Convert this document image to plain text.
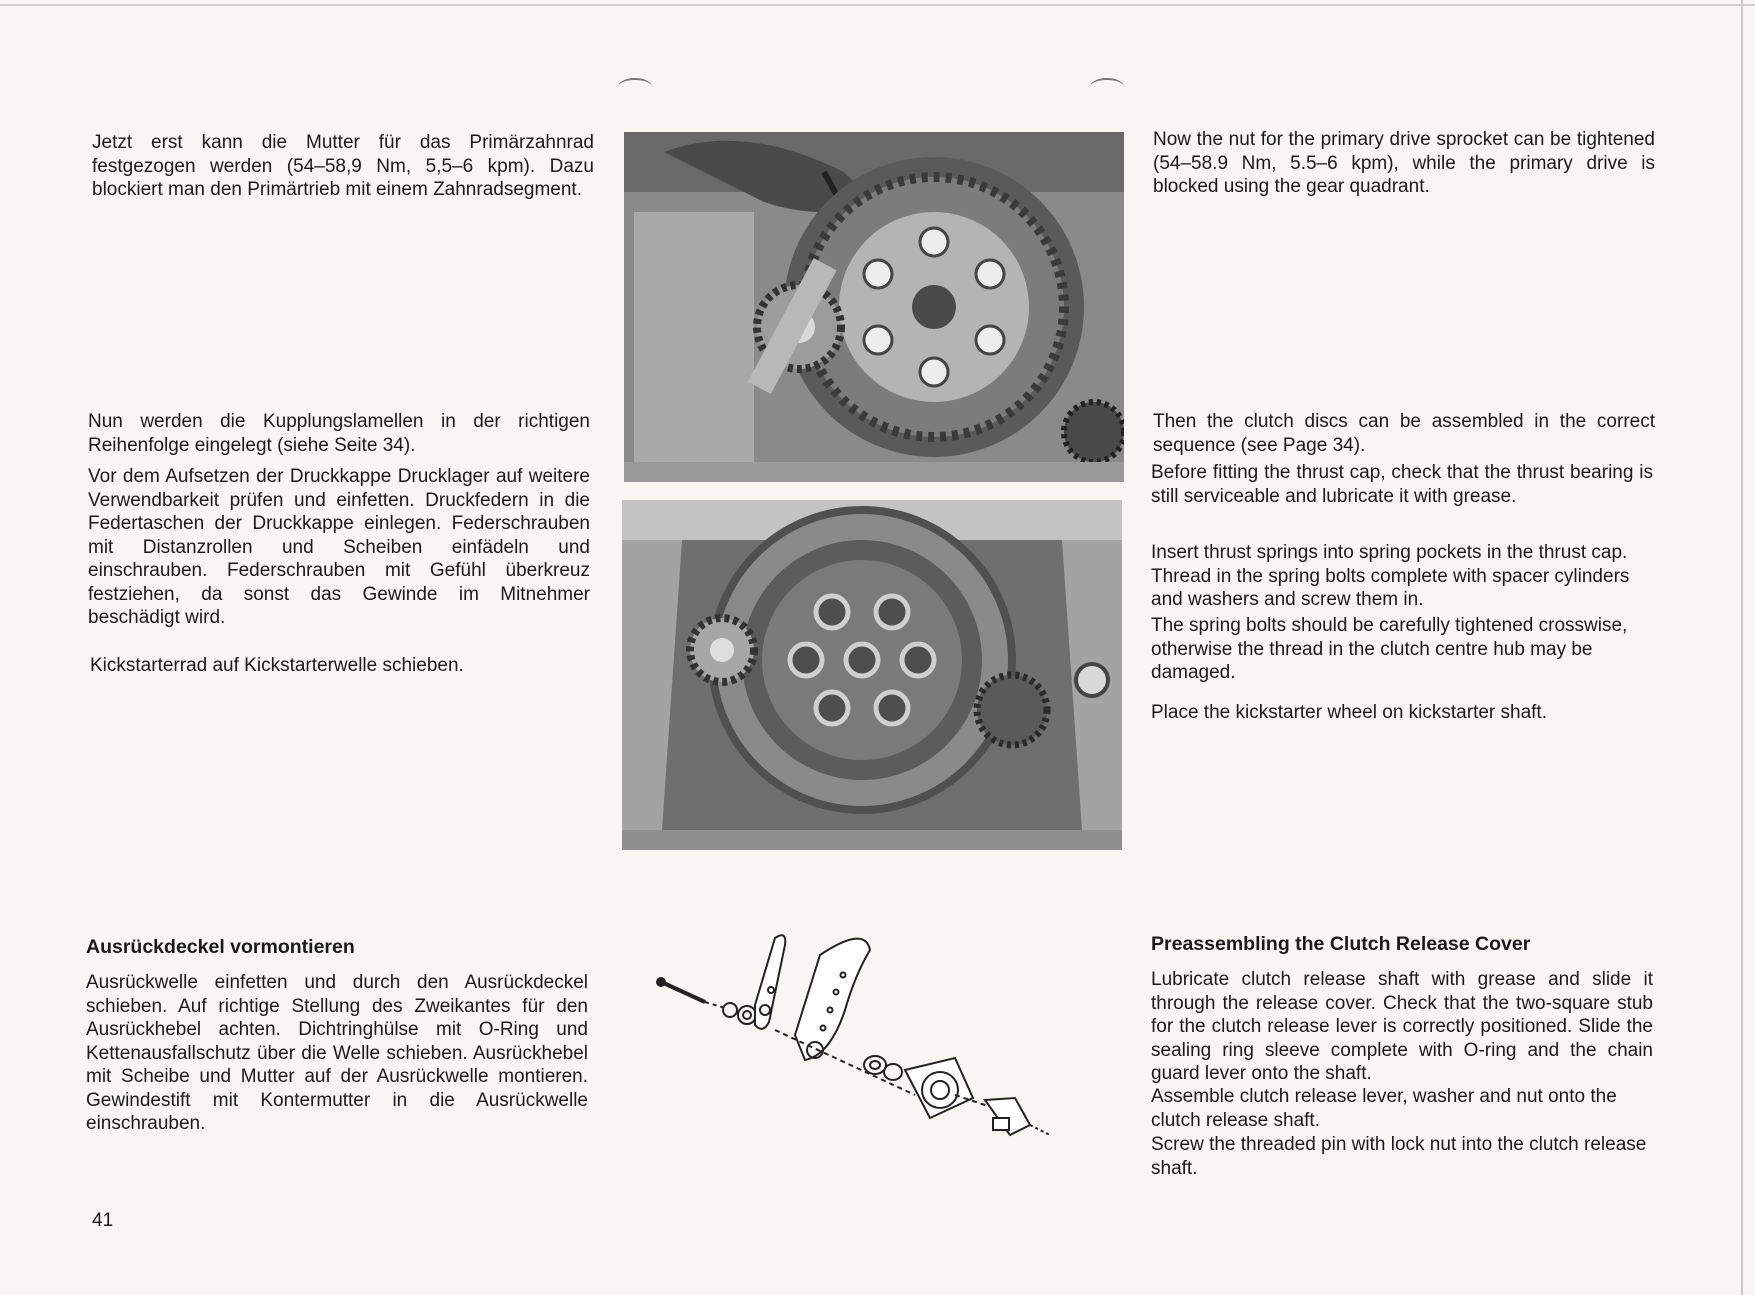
Jetzt erst kann die Mutter für das Primärzahnrad festgezogen werden (54–58,9 Nm, 5,5–6 kpm). Dazu blockiert man den Primärtrieb mit einem Zahnradsegment.

Nun werden die Kupplungslamellen in der richtigen Reihenfolge eingelegt (siehe Seite 34).

Vor dem Aufsetzen der Druckkappe Drucklager auf weitere Verwendbarkeit prüfen und einfetten. Druckfedern in die Federtaschen der Druckkappe einlegen. Federschrauben mit Distanzrollen und Scheiben einfädeln und einschrauben. Federschrauben mit Gefühl überkreuz festziehen, da sonst das Gewinde im Mitnehmer beschädigt wird.

Kickstarterrad auf Kickstarterwelle schieben.

Ausrückdeckel vormontieren

Ausrückwelle einfetten und durch den Ausrückdeckel schieben. Auf richtige Stellung des Zweikantes für den Ausrückhebel achten. Dichtringhülse mit O-Ring und Kettenausfallschutz über die Welle schieben. Ausrückhebel mit Scheibe und Mutter auf der Ausrückwelle montieren. Gewindestift mit Kontermutter in die Ausrückwelle einschrauben.

Now the nut for the primary drive sprocket can be tightened (54–58.9 Nm, 5.5–6 kpm), while the primary drive is blocked using the gear quadrant.

Then the clutch discs can be assembled in the correct sequence (see Page 34).

Before fitting the thrust cap, check that the thrust bearing is still serviceable and lubricate it with grease.

Insert thrust springs into spring pockets in the thrust cap. Thread in the spring bolts complete with spacer cylinders and washers and screw them in.

The spring bolts should be carefully tightened crosswise, otherwise the thread in the clutch centre hub may be damaged.

Place the kickstarter wheel on kickstarter shaft.

Preassembling the Clutch Release Cover

Lubricate clutch release shaft with grease and slide it through the release cover. Check that the two-square stub for the clutch release lever is correctly positioned. Slide the sealing ring sleeve complete with O-ring and the chain guard lever onto the shaft.

Assemble clutch release lever, washer and nut onto the clutch release shaft.

Screw the threaded pin with lock nut into the clutch release shaft.

41
